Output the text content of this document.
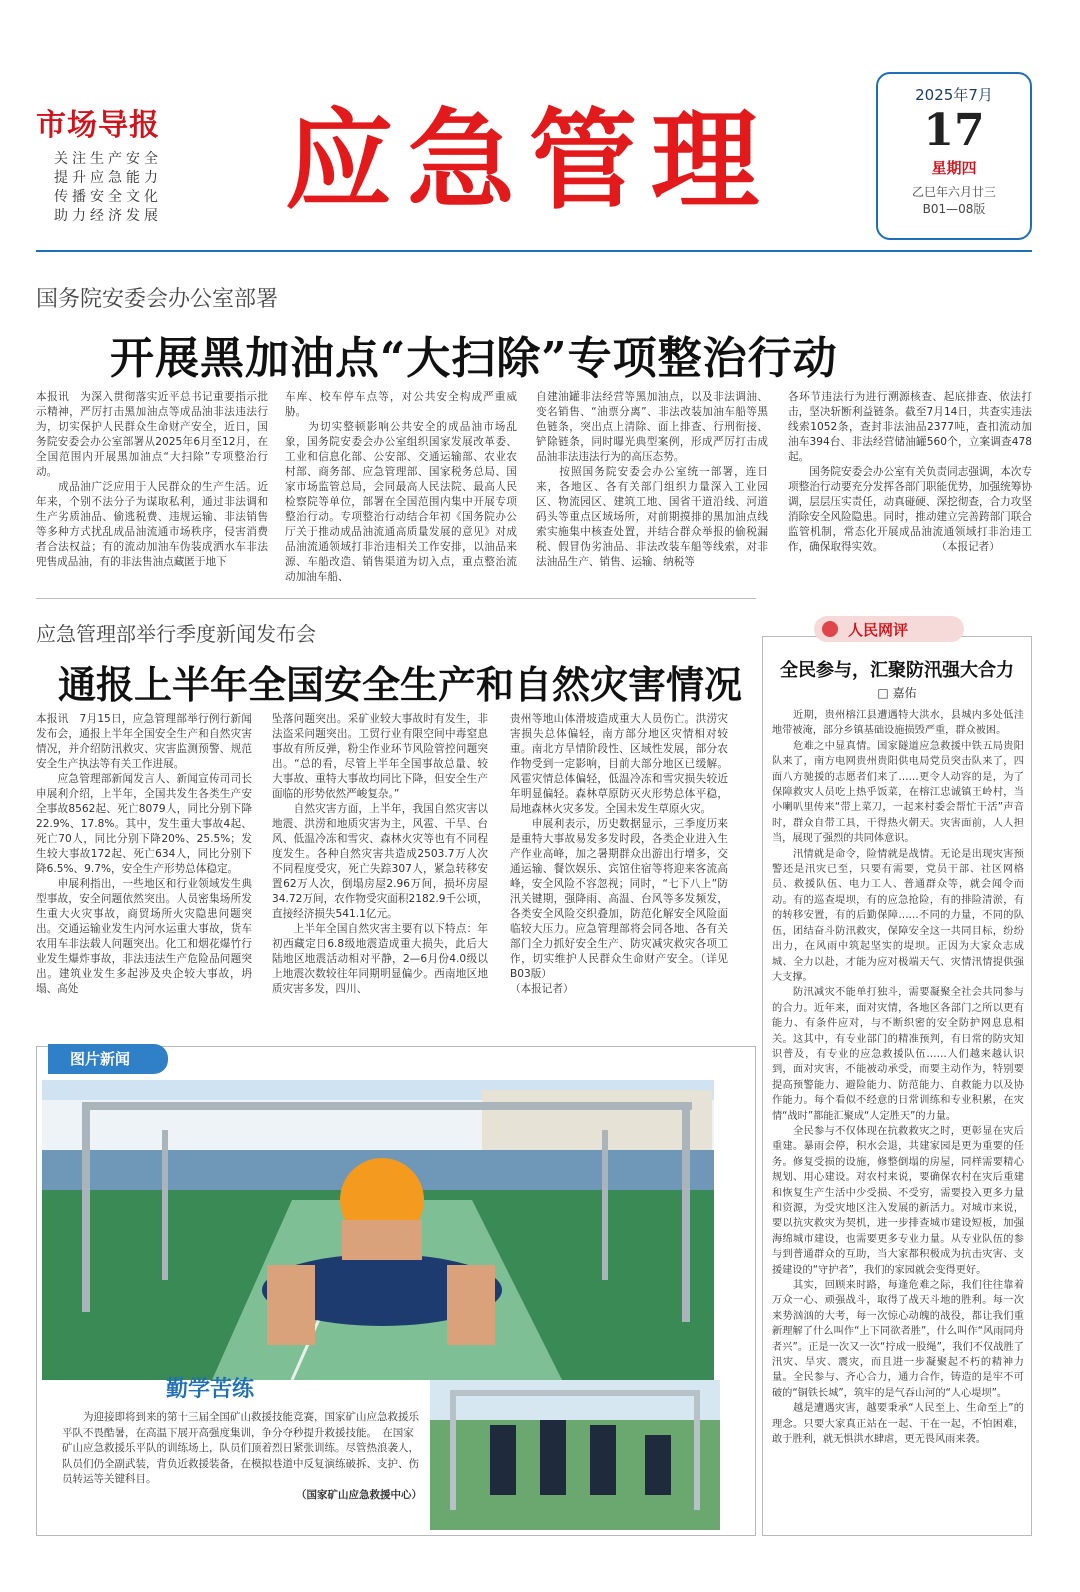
市场导报
关注生产安全
提升应急能力
传播安全文化
助力经济发展 应急管理
2025年7月
17
星期四
乙巳年六月廿三
B01—08版
国务院安委会办公室部署
开展黑加油点“大扫除”专项整治行动
本报讯　为深入贯彻落实近平总书记重要指示批示精神，严厉打击黑加油点等成品油非法违法行为，切实保护人民群众生命财产安全，近日，国务院安委会办公室部署从2025年6月至12月，在全国范围内开展黑加油点“大扫除”专项整治行动。
　　成品油广泛应用于人民群众的生产生活。近年来，个别不法分子为谋取私利，通过非法调和生产劣质油品、偷逃税费、违规运输、非法销售等多种方式扰乱成品油流通市场秩序，侵害消费者合法权益；有的流动加油车伪装成洒水车非法兜售成品油，有的非法售油点藏匿于地下
车库、校车停车点等，对公共安全构成严重威胁。
　　为切实整顿影响公共安全的成品油市场乱象，国务院安委会办公室组织国家发展改革委、工业和信息化部、公安部、交通运输部、农业农村部、商务部、应急管理部、国家税务总局、国家市场监管总局，会同最高人民法院、最高人民检察院等单位，部署在全国范围内集中开展专项整治行动。专项整治行动结合年初《国务院办公厅关于推动成品油流通高质量发展的意见》对成品油流通领域打非治违相关工作安排，以油品来源、车船改造、销售渠道为切入点，重点整治流动加油车船、
自建油罐非法经营等黑加油点，以及非法调油、变名销售、“油票分离”、非法改装加油车船等黑色链条，突出点上清除、面上排查、行刑衔接、铲除链条，同时曝光典型案例，形成严厉打击成品油非法违法行为的高压态势。
　　按照国务院安委会办公室统一部署，连日来，各地区、各有关部门组织力量深入工业园区、物流园区、建筑工地、国省干道沿线、河道码头等重点区域场所，对前期摸排的黑加油点线索实施集中核查处置，并结合群众举报的偷税漏税、假冒伪劣油品、非法改装车船等线索，对非法油品生产、销售、运输、纳税等
各环节违法行为进行溯源核查、起底排查、依法打击，坚决斩断利益链条。截至7月14日，共查实违法线索1052条，查封非法油品2377吨，查扣流动加油车394台、非法经营储油罐560个，立案调查478起。
　　国务院安委会办公室有关负责同志强调，本次专项整治行动要充分发挥各部门职能优势，加强统筹协调，层层压实责任，动真碰硬、深挖彻查，合力攻坚消除安全风险隐患。同时，推动建立完善跨部门联合监管机制，常态化开展成品油流通领域打非治违工作，确保取得实效。　　　　　　（本报记者）
应急管理部举行季度新闻发布会
通报上半年全国安全生产和自然灾害情况
本报讯　7月15日，应急管理部举行例行新闻发布会，通报上半年全国安全生产和自然灾害情况，并介绍防汛救灾、灾害监测预警、规范安全生产执法等有关工作进展。
　　应急管理部新闻发言人、新闻宣传司司长申展利介绍，上半年，全国共发生各类生产安全事故8562起、死亡8079人，同比分别下降22.9%、17.8%。其中，发生重大事故4起、死亡70人，同比分别下降20%、25.5%；发生较大事故172起、死亡634人，同比分别下降6.5%、9.7%，安全生产形势总体稳定。
　　申展利指出，一些地区和行业领域发生典型事故，安全问题依然突出。人员密集场所发生重大火灾事故，商贸场所火灾隐患问题突出。交通运输业发生内河水运重大事故，货车农用车非法载人问题突出。化工和烟花爆竹行业发生爆炸事故，非法违法生产危险品问题突出。建筑业发生多起涉及央企较大事故，坍塌、高处
坠落问题突出。采矿业较大事故时有发生，非法盗采问题突出。工贸行业有限空间中毒窒息事故有所反弹，粉尘作业环节风险管控问题突出。“总的看，尽管上半年全国事故总量、较大事故、重特大事故均同比下降，但安全生产面临的形势依然严峻复杂。”
　　自然灾害方面，上半年，我国自然灾害以地震、洪涝和地质灾害为主，风雹、干旱、台风、低温冷冻和雪灾、森林火灾等也有不同程度发生。各种自然灾害共造成2503.7万人次不同程度受灾，死亡失踪307人，紧急转移安置62万人次，倒塌房屋2.96万间，损坏房屋34.72万间，农作物受灾面积2182.9千公顷，直接经济损失541.1亿元。
　　上半年全国自然灾害主要有以下特点：年初西藏定日6.8级地震造成重大损失，此后大陆地区地震活动相对平静，2—6月份4.0级以上地震次数较往年同期明显偏少。西南地区地质灾害多发，四川、
贵州等地山体滑坡造成重大人员伤亡。洪涝灾害损失总体偏轻，南方部分地区灾情相对较重。南北方旱情阶段性、区域性发展，部分农作物受到一定影响，目前大部分地区已缓解。风雹灾情总体偏轻，低温冷冻和雪灾损失较近年明显偏轻。森林草原防灭火形势总体平稳，局地森林火灾多发。全国未发生草原火灾。
　　申展利表示，历史数据显示，三季度历来是重特大事故易发多发时段，各类企业进入生产作业高峰，加之暑期群众出游出行增多，交通运输、餐饮娱乐、宾馆住宿等将迎来客流高峰，安全风险不容忽视；同时，“七下八上”防汛关键期，强降雨、高温、台风等多发频发，各类安全风险交织叠加，防范化解安全风险面临较大压力。应急管理部将会同各地、各有关部门全力抓好安全生产、防灾减灾救灾各项工作，切实维护人民群众生命财产安全。（详见B03版）
（本报记者）
人民网评
全民参与，汇聚防汛强大合力
□ 嘉佑
　　近期，贵州榕江县遭遇特大洪水，县城内多处低洼地带被淹，部分乡镇基础设施损毁严重，群众被困。
　　危难之中显真情。国家隧道应急救援中铁五局贵阳队来了，南方电网贵州贵阳供电局党员突击队来了，四面八方驰援的志愿者们来了……更令人动容的是，为了保障救灾人员吃上热乎饭菜，在榕江忠诚镇王岭村，当小喇叭里传来“带上菜刀，一起来村委会帮忙干活”声音时，群众自带工具，干得热火朝天。灾害面前，人人担当，展现了强烈的共同体意识。
　　汛情就是命令，险情就是战情。无论是出现灾害预警还是汛灾已至，只要有需要，党员干部、社区网格员、救援队伍、电力工人、普通群众等，就会闻令而动。有的巡查堤坝，有的应急抢险，有的排险清淤，有的转移安置，有的后勤保障……不同的力量，不同的队伍，团结奋斗防汛救灾，保障安全这一共同目标，纷纷出力，在风雨中筑起坚实的堤坝。正因为大家众志成城、全力以赴，才能为应对极端天气、灾情汛情提供强大支撑。
　　防汛减灾不能单打独斗，需要凝聚全社会共同参与的合力。近年来，面对灾情，各地区各部门之所以更有能力、有条件应对，与不断织密的安全防护网息息相关。这其中，有专业部门的精准预判，有日常的防灾知识普及，有专业的应急救援队伍……人们越来越认识到，面对灾害，不能被动承受，而要主动作为，特别要提高预警能力、避险能力、防范能力、自救能力以及协作能力。每个看似不经意的日常训练和专业积累，在灾情“战时”都能汇聚成“人定胜天”的力量。
　　全民参与不仅体现在抗救救灾之时，更彰显在灾后重建。暴雨会停，积水会退，共建家园是更为重要的任务。修复受损的设施，修整倒塌的房屋，同样需要精心规划、用心建设。对农村来说，要确保农村在灾后重建和恢复生产生活中少受损、不受穷，需要投入更多力量和资源，为受灾地区注入发展的新活力。对城市来说，要以抗灾救灾为契机，进一步排查城市建设短板，加强海绵城市建设，也需要更多专业力量。从专业队伍的参与到普通群众的互助，当大家都积极成为抗击灾害、支援建设的“守护者”，我们的家园就会变得更好。
　　其实，回顾来时路，每逢危难之际，我们往往靠着万众一心、顽强战斗，取得了战天斗地的胜利。每一次来势汹汹的大考，每一次惊心动魄的战役，都让我们重新理解了什么叫作“上下同欲者胜”，什么叫作“风雨同舟者兴”。正是一次又一次“拧成一股绳”，我们不仅战胜了汛灾、旱灾、震灾，而且进一步凝聚起不朽的精神力量。全民参与、齐心合力，通力合作，铸造的是牢不可破的“铜铁长城”，筑牢的是气吞山河的“人心堤坝”。
　　越是遭遇灾害，越要秉承“人民至上、生命至上”的理念。只要大家真正站在一起、干在一起，不怕困难，敢于胜利，就无惧洪水肆虐，更无畏风雨来袭。
图片新闻
勤学苦练
　　为迎接即将到来的第十三届全国矿山救援技能竞赛，国家矿山应急救援乐平队不畏酷暑，在高温下展开高强度集训，争分夺秒提升救援技能。　在国家矿山应急救援乐平队的训练场上，队员们顶着烈日紧张训练。尽管热浪袭人，队员们仍全副武装，背负近救援装备，在模拟巷道中反复演练破拆、支护、伤员转运等关键科目。
（国家矿山应急救援中心）
